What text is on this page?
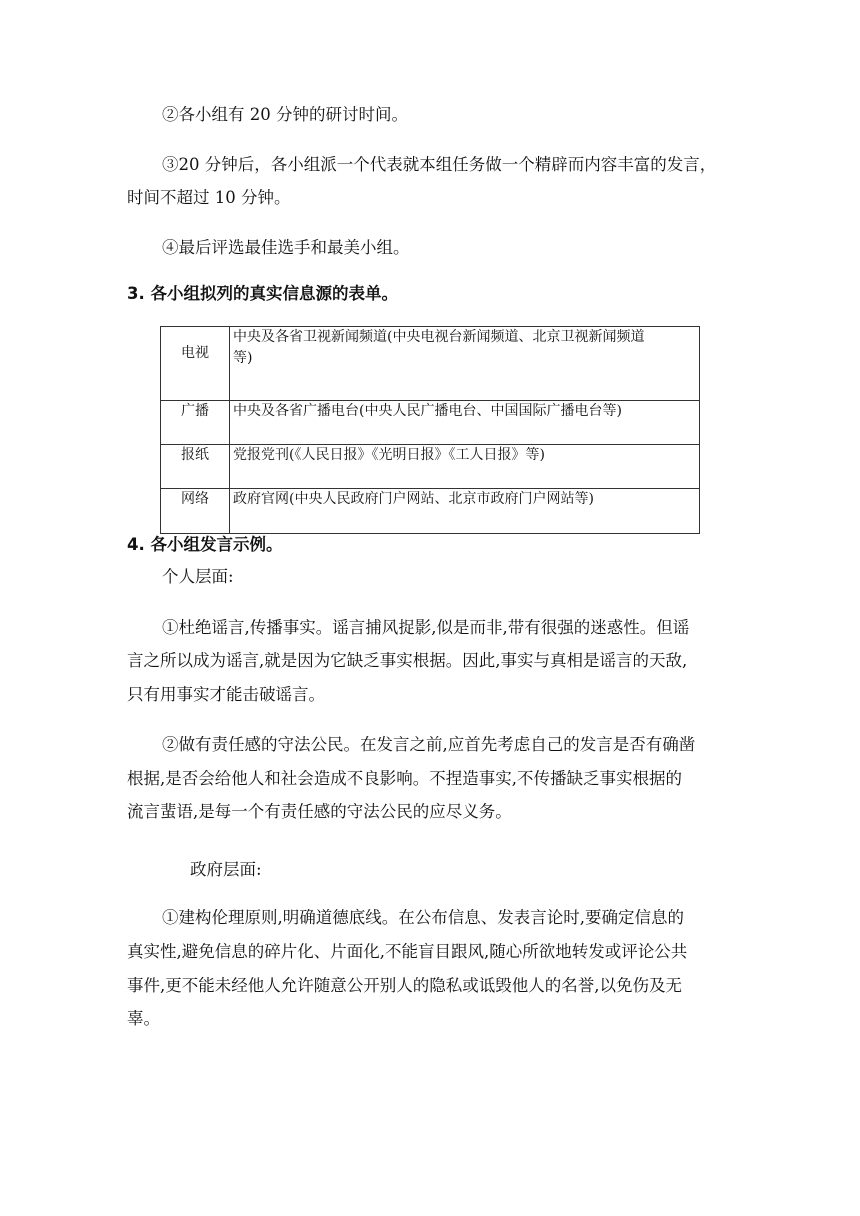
②各小组有 20 分钟的研讨时间。
③20 分钟后，各小组派一个代表就本组任务做一个精辟而内容丰富的发言，
时间不超过 10 分钟。
④最后评选最佳选手和最美小组。
3. 各小组拟列的真实信息源的表单。
电视	中央及各省卫视新闻频道(中央电视台新闻频道、北京卫视新闻频道
等)

广播	中央及各省广播电台(中央人民广播电台、中国国际广播电台等)

报纸	党报党刊(《人民日报》《光明日报》《工人日报》等)

网络	政府官网(中央人民政府门户网站、北京市政府门户网站等)
4. 各小组发言示例。
个人层面:
①杜绝谣言,传播事实。谣言捕风捉影,似是而非,带有很强的迷惑性。但谣
言之所以成为谣言,就是因为它缺乏事实根据。因此,事实与真相是谣言的天敌,
只有用事实才能击破谣言。
②做有责任感的守法公民。在发言之前,应首先考虑自己的发言是否有确凿
根据,是否会给他人和社会造成不良影响。不捏造事实,不传播缺乏事实根据的
流言蜚语,是每一个有责任感的守法公民的应尽义务。
政府层面:
①建构伦理原则,明确道德底线。在公布信息、发表言论时,要确定信息的
真实性,避免信息的碎片化、片面化,不能盲目跟风,随心所欲地转发或评论公共
事件,更不能未经他人允许随意公开别人的隐私或诋毁他人的名誉,以免伤及无
辜。
